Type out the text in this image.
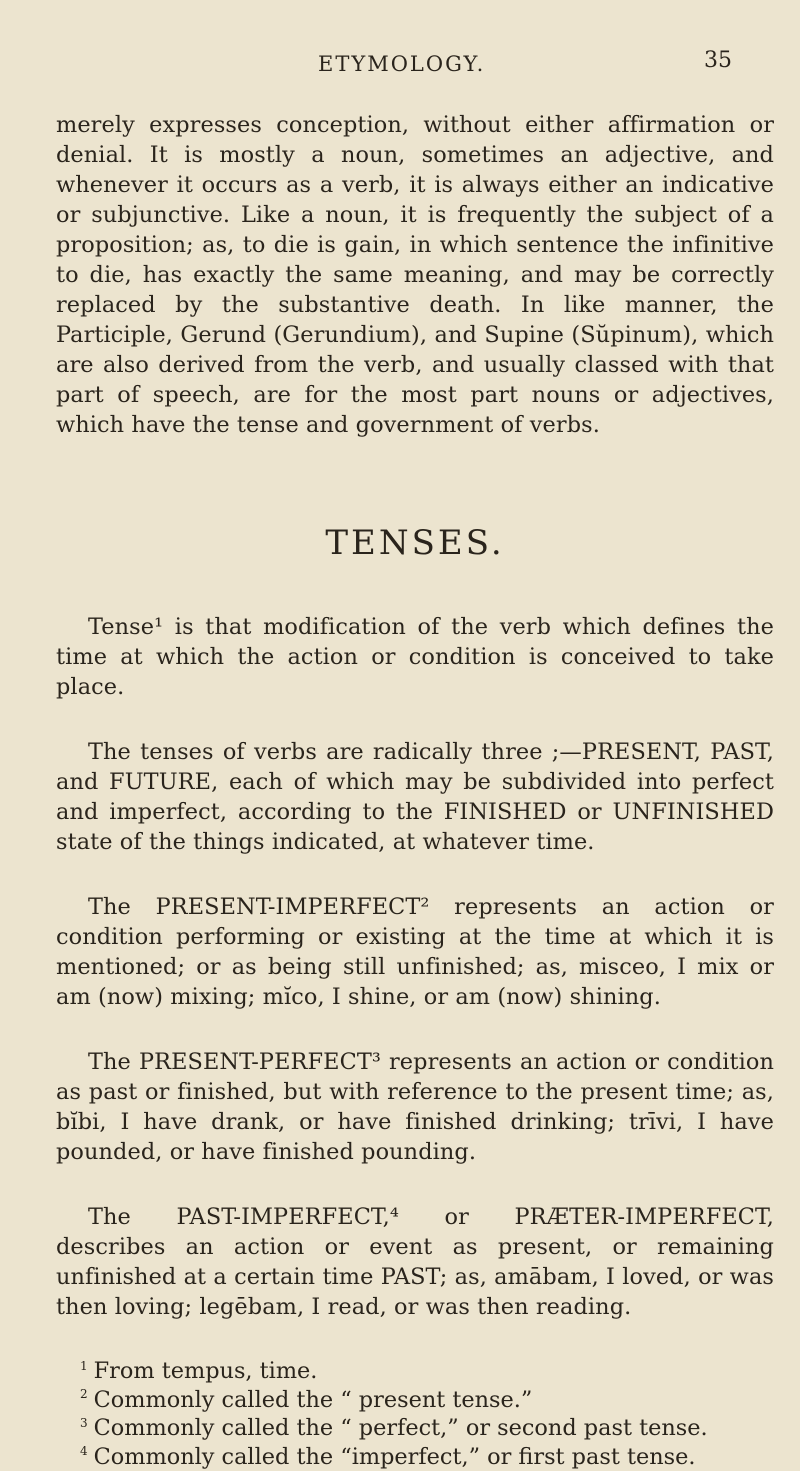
ETYMOLOGY.	35

merely expresses conception, without either affirmation or denial. It is mostly a noun, sometimes an adjective, and whenever it occurs as a verb, it is always either an indicative or subjunctive. Like a noun, it is frequently the subject of a proposition; as, to die is gain, in which sentence the infinitive to die, has exactly the same meaning, and may be correctly replaced by the substantive death. In like manner, the Participle, Gerund (Gerundium), and Supine (Sŭpinum), which are also derived from the verb, and usually classed with that part of speech, are for the most part nouns or adjectives, which have the tense and government of verbs.

TENSES.

Tense¹ is that modification of the verb which defines the time at which the action or condition is conceived to take place.

The tenses of verbs are radically three ;—PRESENT, PAST, and FUTURE, each of which may be subdivided into perfect and imperfect, according to the FINISHED or UNFINISHED state of the things indicated, at whatever time.

The PRESENT-IMPERFECT² represents an action or condition performing or existing at the time at which it is mentioned; or as being still unfinished; as, misceo, I mix or am (now) mixing; mĭco, I shine, or am (now) shining.

The PRESENT-PERFECT³ represents an action or condition as past or finished, but with reference to the present time; as, bĭbi, I have drank, or have finished drinking; trīvi, I have pounded, or have finished pounding.

The PAST-IMPERFECT,⁴ or PRÆTER-IMPERFECT, describes an action or event as present, or remaining unfinished at a certain time PAST; as, amābam, I loved, or was then loving; legēbam, I read, or was then reading.

$^1$ From tempus, time.
$^2$ Commonly called the “ present tense.”
$^3$ Commonly called the “ perfect,” or second past tense.
$^4$ Commonly called the “imperfect,” or first past tense.
